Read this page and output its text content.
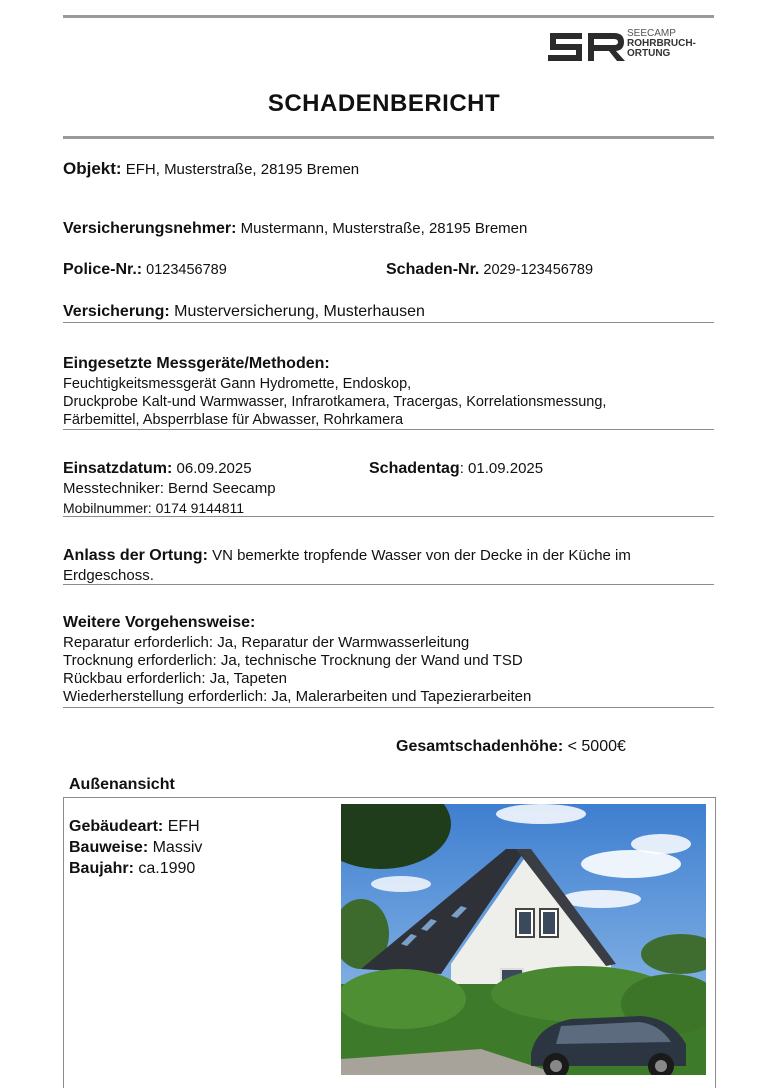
SEECAMP
ROHRBRUCH-
ORTUNG
SCHADENBERICHT
Objekt: EFH, Musterstraße, 28195 Bremen
Versicherungsnehmer: Mustermann, Musterstraße, 28195 Bremen
Police-Nr.: 0123456789	Schaden-Nr. 2029-123456789
Versicherung: Musterversicherung, Musterhausen
Eingesetzte Messgeräte/Methoden:
Feuchtigkeitsmessgerät Gann Hydromette, Endoskop,
Druckprobe Kalt-und Warmwasser, Infrarotkamera, Tracergas, Korrelationsmessung,
Färbemittel, Absperrblase für Abwasser, Rohrkamera
Einsatzdatum: 06.09.2025	Schadentag: 01.09.2025
Messtechniker: Bernd Seecamp
Mobilnummer: 0174 9144811
Anlass der Ortung: VN bemerkte tropfende Wasser von der Decke in der Küche im
Erdgeschoss.
Weitere Vorgehensweise:
Reparatur erforderlich: Ja, Reparatur der Warmwasserleitung
Trocknung erforderlich: Ja, technische Trocknung der Wand und TSD
Rückbau erforderlich: Ja, Tapeten
Wiederherstellung erforderlich: Ja, Malerarbeiten und Tapezierarbeiten
Gesamtschadenhöhe: < 5000€
Außenansicht
Gebäudeart: EFH
Bauweise: Massiv
Baujahr: ca.1990
